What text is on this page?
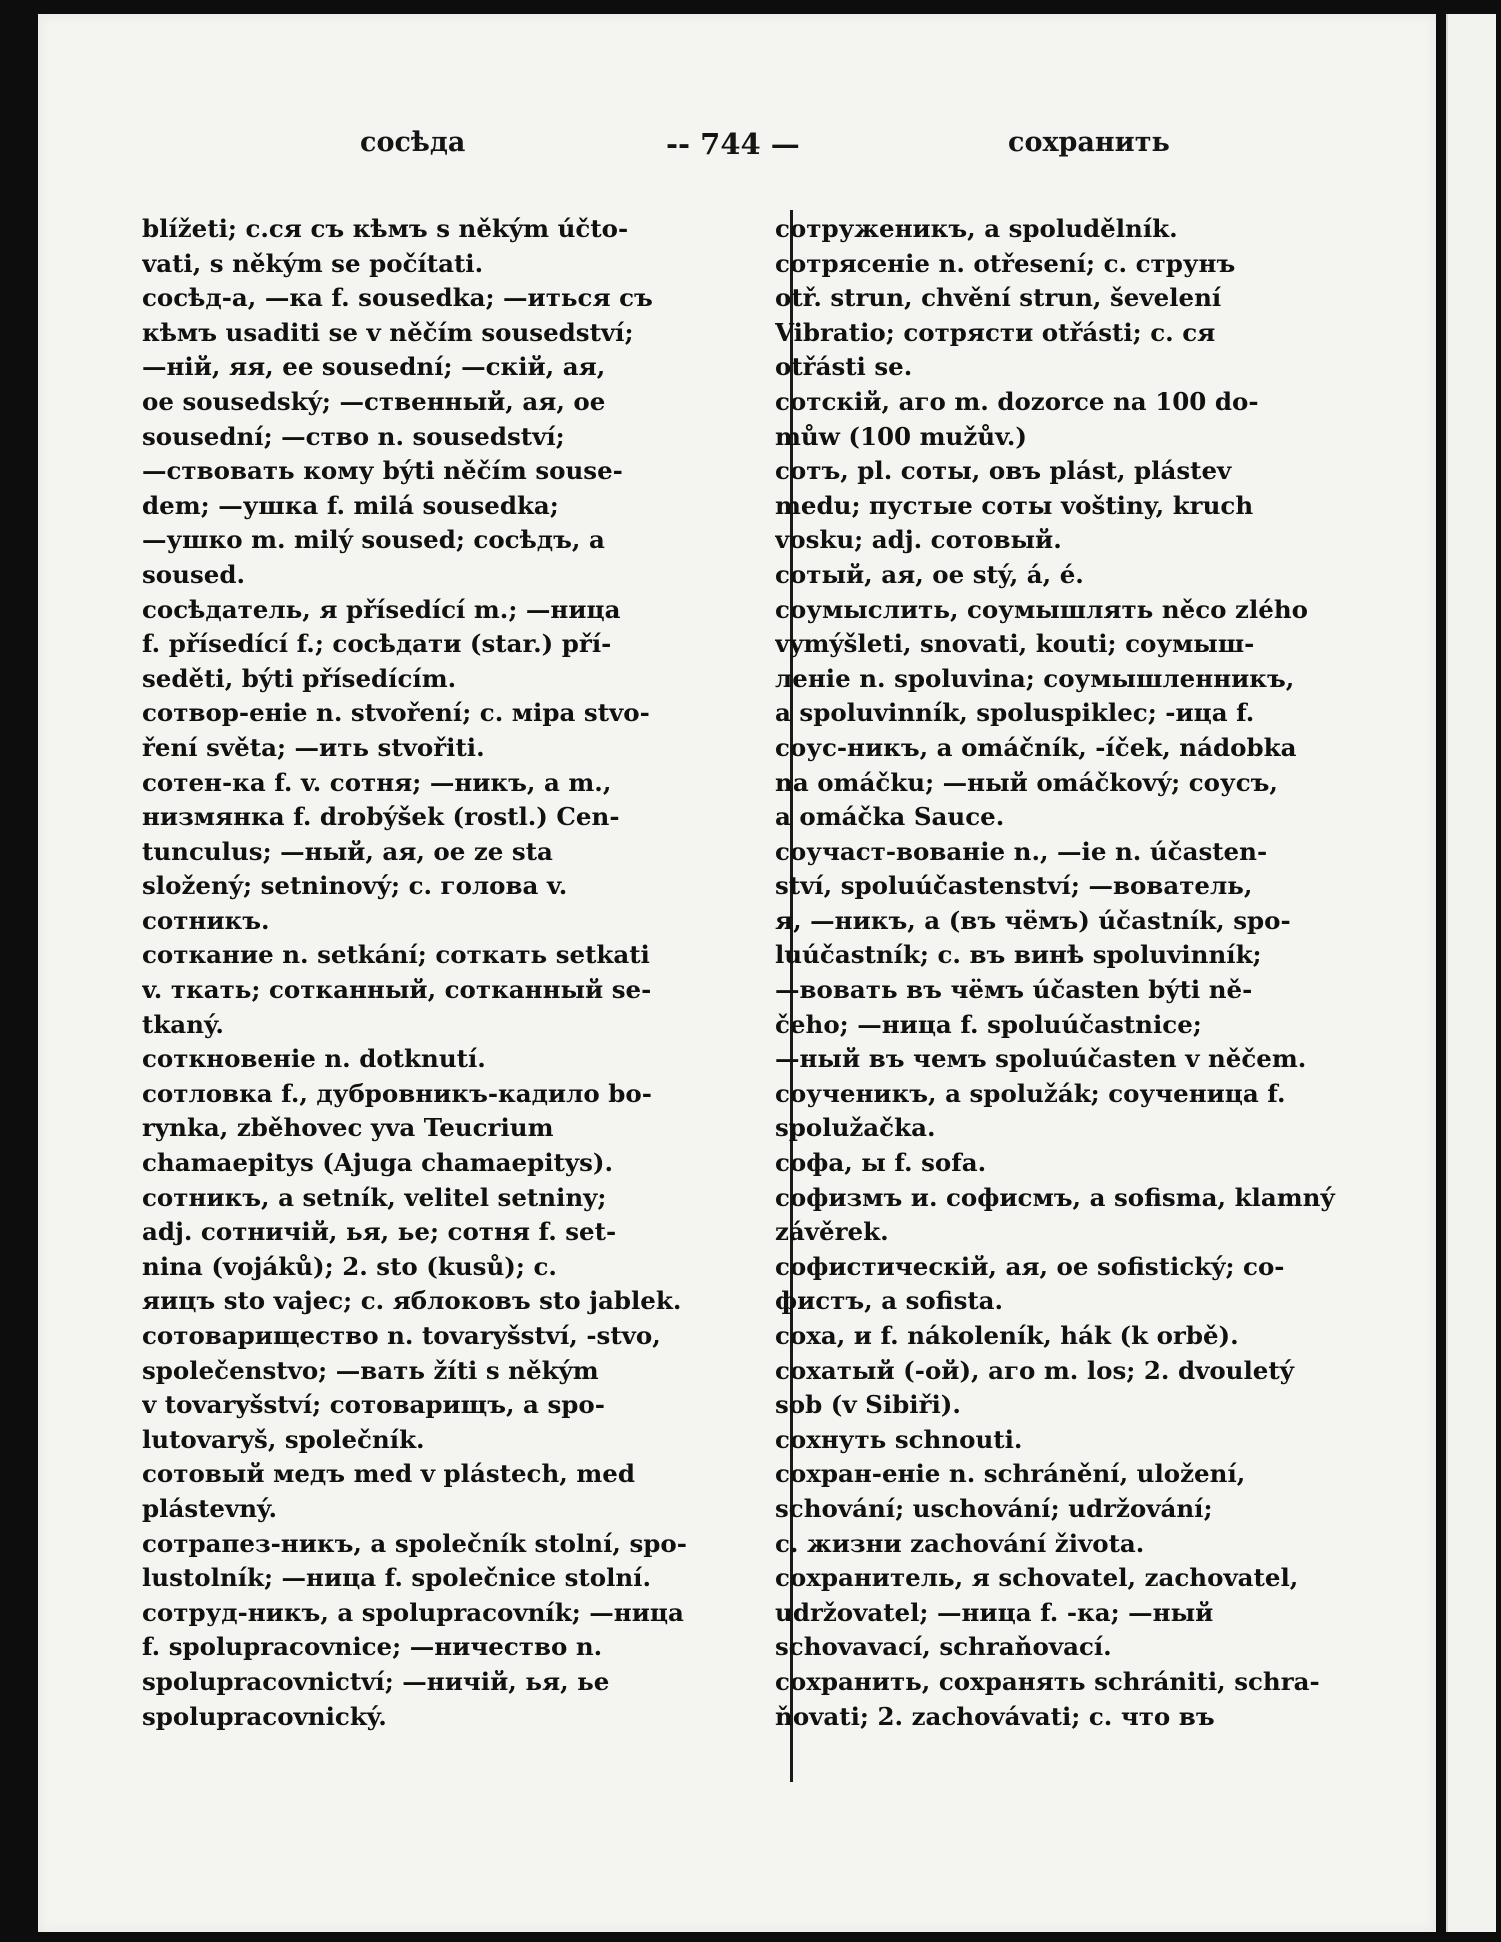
сосѣда	-- 744 —	сохранить
blížeti; с.ся съ кѣмъ s někým účto-
vati, s někým se počítati.
сосѣд-а, —ка f. sousedka; —иться съ
кѣмъ usaditi se v něčím sousedství;
—ній, яя, ее sousední; —скій, ая,
ое sousedský; —ственный, ая, ое
sousední; —ство n. sousedství;
—ствовать кому býti něčím souse-
dem; —ушка f. milá sousedka;
—ушко m. milý soused; сосѣдъ, a
soused.
сосѣдатель, я přísedící m.; —ница
f. přísedící f.; сосѣдати (star.) pří-
seděti, býti přísedícím.
сотвор-еніе n. stvoření; с. міра stvo-
ření světa; —ить stvořiti.
сотен-ка f. v. сотня; —никъ, a m.,
низмянка f. drobýšek (rostl.) Cen-
tunculus; —ный, ая, ое ze sta
složený; setninový; с. голова v.
сотникъ.
соткание n. setkání; соткать setkati
v. ткать; сотканный, сотканный se-
tkaný.
соткновеніе n. dotknutí.
сотловка f., дубровникъ-кадило bo-
rynka, zběhovec yva Teucrium
chamaepitys (Ajuga chamaepitys).
сотникъ, a setník, velitel setniny;
adj. сотничій, ья, ье; сотня f. set-
nina (vojáků); 2. sto (kusů); с.
яицъ sto vajec; с. яблоковъ sto jablek.
сотоварищество n. tovaryšství, -stvo,
společenstvo; —вать žíti s někým
v tovaryšství; сотоварищъ, a spo-
lutovaryš, společník.
сотовый медъ med v plástech, med
plástevný.
сотрапез-никъ, a společník stolní, spo-
lustolník; —ница f. společnice stolní.
сотруд-никъ, a spolupracovník; —ница
f. spolupracovnice; —ничество n.
spolupracovnictví; —ничій, ья, ье
spolupracovnický.
сотруженикъ, a spoludělník.
сотрясеніе n. otřesení; с. струнъ
otř. strun, chvění strun, ševelení
Vibratio; сотрясти otřásti; с. ся
otřásti se.
сотскій, аго m. dozorce na 100 do-
můw (100 mužův.)
сотъ, pl. соты, овъ plást, plástev
medu; пустые соты voštiny, kruch
vosku; adj. сотовый.
сотый, ая, ое stý, á, é.
соумыслить, соумышлять něco zlého
vymýšleti, snovati, kouti; соумыш-
леніе n. spoluvina; соумышленникъ,
a spoluvinník, spoluspiklec; -ица f.
соус-никъ, a omáčník, -íček, nádobka
na omáčku; —ный omáčkový; соусъ,
a omáčka Sauce.
соучаст-вованіе n., —іе n. účasten-
ství, spoluúčastenství; —вователь,
я, —никъ, a (въ чёмъ) účastník, spo-
luúčastník; с. въ винѣ spoluvinník;
—вовать въ чёмъ účasten býti ně-
čeho; —ница f. spoluúčastnice;
—ный въ чемъ spoluúčasten v něčem.
соученикъ, a spolužák; соученица f.
spolužačka.
софа, ы f. sofa.
софизмъ и. софисмъ, a sofisma, klamný
závěrek.
софистическій, ая, ое sofistický; со-
фистъ, a sofista.
соха, и f. nákoleník, hák (k orbě).
сохатый (-ой), аго m. los; 2. dvouletý
sob (v Sibiři).
сохнуть schnouti.
сохран-еніе n. schránění, uložení,
schování; uschování; udržování;
с. жизни zachování života.
сохранитель, я schovatel, zachovatel,
udržovatel; —ница f. -ка; —ный
schovavací, schraňovací.
сохранить, сохранять schrániti, schra-
ňovati; 2. zachovávati; с. что въ
